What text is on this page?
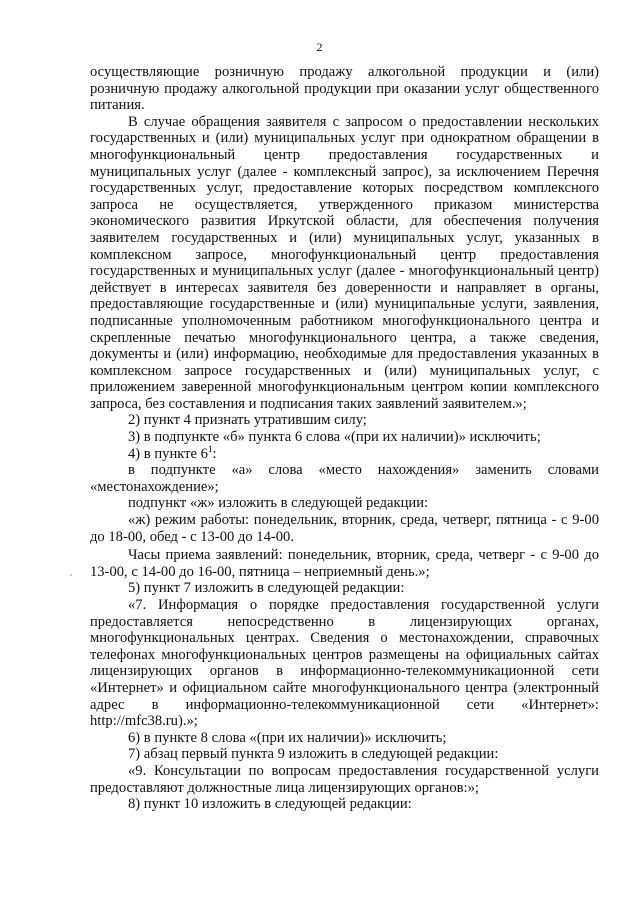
2

осуществляющие розничную продажу алкогольной продукции и (или) розничную продажу алкогольной продукции при оказании услуг общественного питания.

В случае обращения заявителя с запросом о предоставлении нескольких государственных и (или) муниципальных услуг при однократном обращении в многофункциональный центр предоставления государственных и муниципальных услуг (далее - комплексный запрос), за исключением Перечня государственных услуг, предоставление которых посредством комплексного запроса не осуществляется, утвержденного приказом министерства экономического развития Иркутской области, для обеспечения получения заявителем государственных и (или) муниципальных услуг, указанных в комплексном запросе, многофункциональный центр предоставления государственных и муниципальных услуг (далее - многофункциональный центр) действует в интересах заявителя без доверенности и направляет в органы, предоставляющие государственные и (или) муниципальные услуги, заявления, подписанные уполномоченным работником многофункционального центра и скрепленные печатью многофункционального центра, а также сведения, документы и (или) информацию, необходимые для предоставления указанных в комплексном запросе государственных и (или) муниципальных услуг, с приложением заверенной многофункциональным центром копии комплексного запроса, без составления и подписания таких заявлений заявителем.»;

2) пункт 4 признать утратившим силу;

3) в подпункте «б» пункта 6 слова «(при их наличии)» исключить;

4) в пункте $6^1$:

в подпункте «а» слова «место нахождения» заменить словами «местонахождение»;

подпункт «ж» изложить в следующей редакции:

«ж) режим работы: понедельник, вторник, среда, четверг, пятница - с 9-00 до 18-00, обед - с 13-00 до 14-00.

Часы приема заявлений: понедельник, вторник, среда, четверг - с 9-00 до 13-00, с 14-00 до 16-00, пятница – неприемный день.»;

5) пункт 7 изложить в следующей редакции:

«7. Информация о порядке предоставления государственной услуги предоставляется непосредственно в лицензирующих органах, многофункциональных центрах. Сведения о местонахождении, справочных телефонах многофункциональных центров размещены на официальных сайтах лицензирующих органов в информационно-телекоммуникационной сети «Интернет» и официальном сайте многофункционального центра (электронный адрес в информационно-телекоммуникационной сети «Интернет»: http://mfc38.ru).»;

6) в пункте 8 слова «(при их наличии)» исключить;

7) абзац первый пункта 9 изложить в следующей редакции:

«9. Консультации по вопросам предоставления государственной услуги предоставляют должностные лица лицензирующих органов:»;

8) пункт 10 изложить в следующей редакции:
